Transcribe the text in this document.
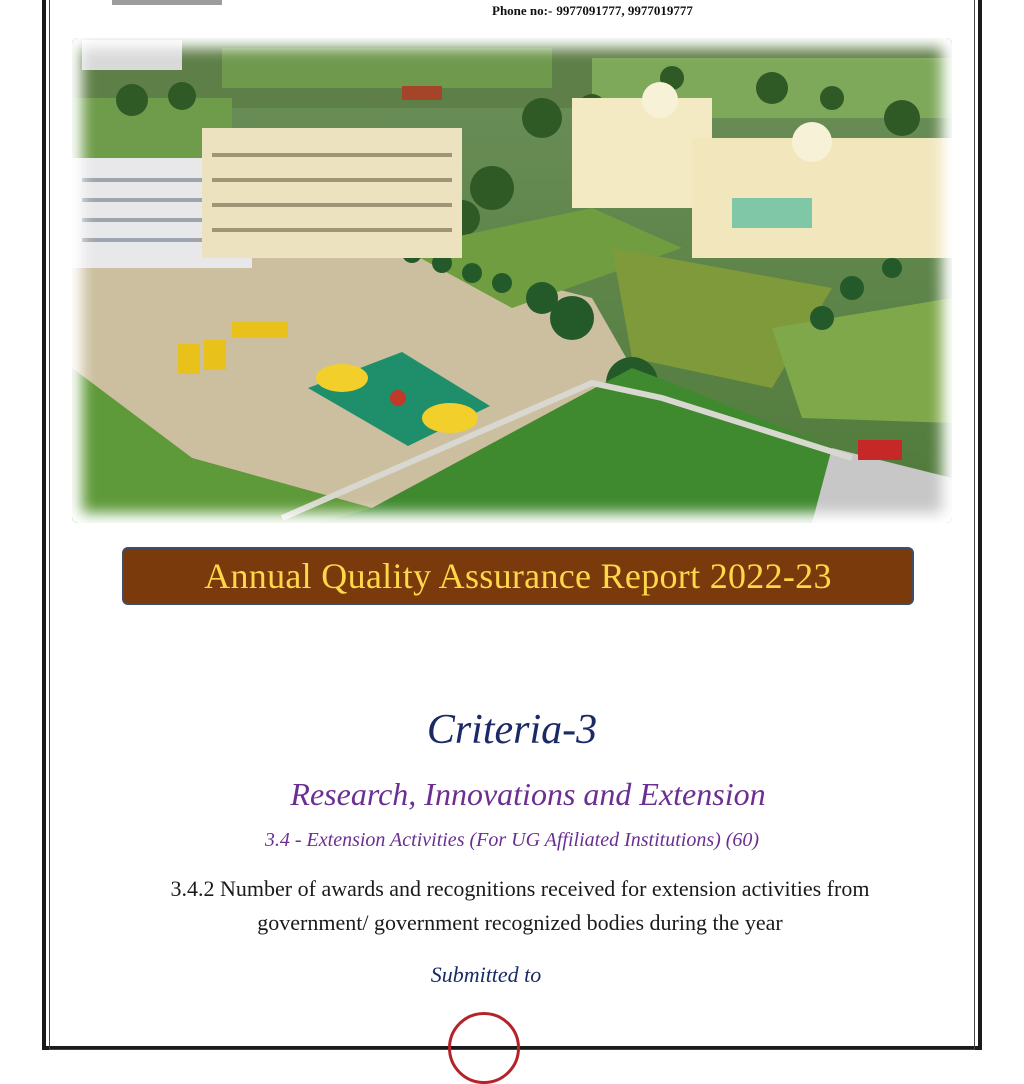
Phone no:- 9977091777, 9977019777
Annual Quality Assurance Report 2022-23
Criteria-3
Research, Innovations and Extension
3.4 - Extension Activities (For UG Affiliated Institutions) (60)
3.4.2 Number of awards and recognitions received for extension activities from
government/ government recognized bodies during the year
Submitted to
